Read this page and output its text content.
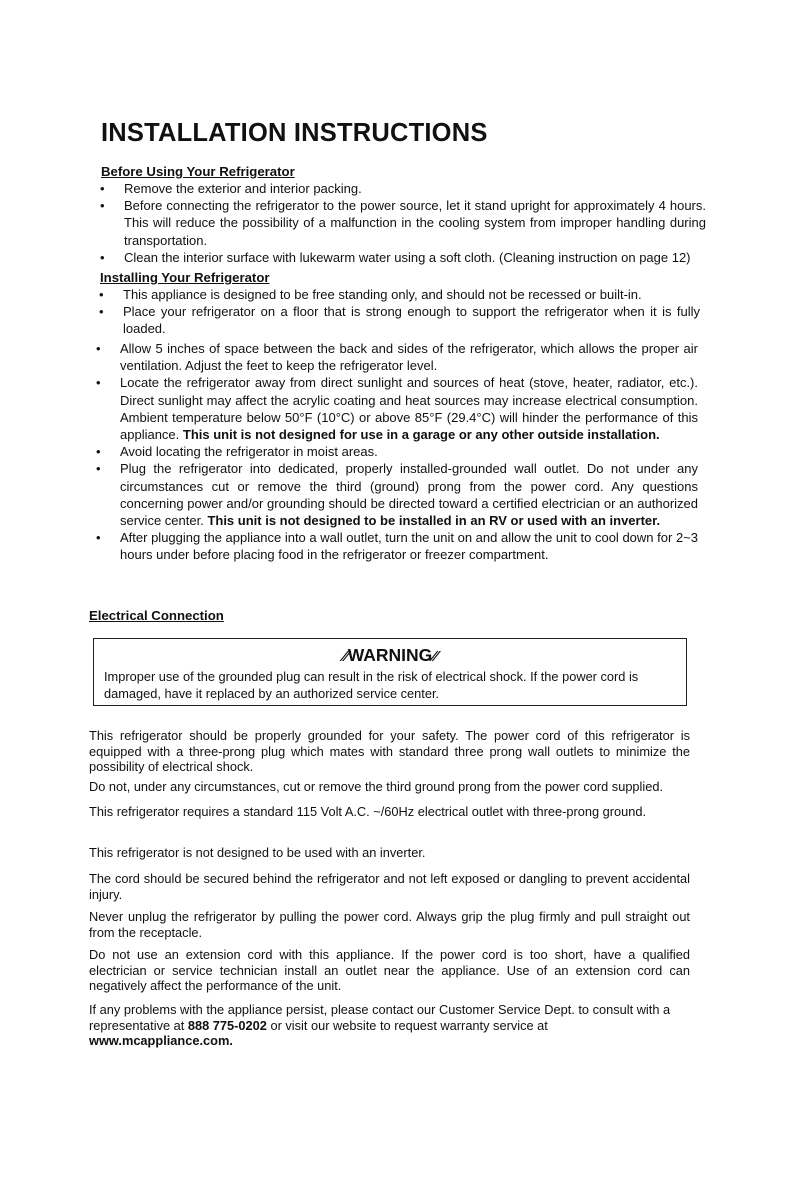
INSTALLATION INSTRUCTIONS
Before Using Your Refrigerator
• Remove the exterior and interior packing.
• Before connecting the refrigerator to the power source, let it stand upright for approximately 4 hours. This will reduce the possibility of a malfunction in the cooling system from improper handling during transportation.
• Clean the interior surface with lukewarm water using a soft cloth. (Cleaning instruction on page 12)
Installing Your Refrigerator
• This appliance is designed to be free standing only, and should not be recessed or built-in.
• Place your refrigerator on a floor that is strong enough to support the refrigerator when it is fully loaded.
• Allow 5 inches of space between the back and sides of the refrigerator, which allows the proper air ventilation. Adjust the feet to keep the refrigerator level.
• Locate the refrigerator away from direct sunlight and sources of heat (stove, heater, radiator, etc.). Direct sunlight may affect the acrylic coating and heat sources may increase electrical consumption. Ambient temperature below 50°F (10°C) or above 85°F (29.4°C) will hinder the performance of this appliance. This unit is not designed for use in a garage or any other outside installation.
• Avoid locating the refrigerator in moist areas.
• Plug the refrigerator into dedicated, properly installed-grounded wall outlet. Do not under any circumstances cut or remove the third (ground) prong from the power cord. Any questions concerning power and/or grounding should be directed toward a certified electrician or an authorized service center. This unit is not designed to be installed in an RV or used with an inverter.
• After plugging the appliance into a wall outlet, turn the unit on and allow the unit to cool down for 2~3 hours under before placing food in the refrigerator or freezer compartment.
Electrical Connection
⁄⁄WARNING⁄⁄
Improper use of the grounded plug can result in the risk of electrical shock. If the power cord is damaged, have it replaced by an authorized service center.

This refrigerator should be properly grounded for your safety. The power cord of this refrigerator is equipped with a three-prong plug which mates with standard three prong wall outlets to minimize the possibility of electrical shock.

Do not, under any circumstances, cut or remove the third ground prong from the power cord supplied.

This refrigerator requires a standard 115 Volt A.C. ~/60Hz electrical outlet with three-prong ground.

This refrigerator is not designed to be used with an inverter.

The cord should be secured behind the refrigerator and not left exposed or dangling to prevent accidental injury.

Never unplug the refrigerator by pulling the power cord. Always grip the plug firmly and pull straight out from the receptacle.

Do not use an extension cord with this appliance. If the power cord is too short, have a qualified electrician or service technician install an outlet near the appliance. Use of an extension cord can negatively affect the performance of the unit.

If any problems with the appliance persist, please contact our Customer Service Dept. to consult with a representative at 888 775-0202 or visit our website to request warranty service at
www.mcappliance.com.
